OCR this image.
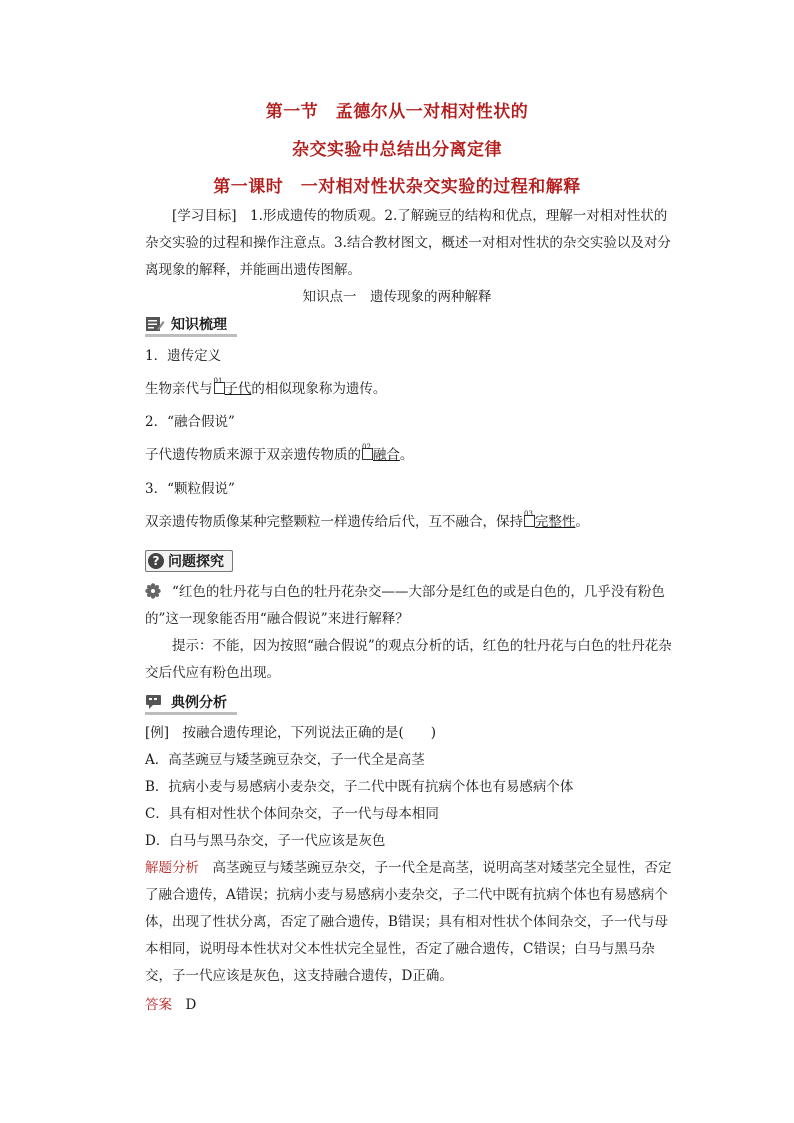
第一节　孟德尔从一对相对性状的
杂交实验中总结出分离定律
第一课时　一对相对性状杂交实验的过程和解释

[学习目标]　1.形成遗传的物质观。2.了解豌豆的结构和优点，理解一对相对性状的杂交实验的过程和操作注意点。3.结合教材图文，概述一对相对性状的杂交实验以及对分离现象的解释，并能画出遗传图解。

知识点一　遗传现象的两种解释
知识梳理
1．遗传定义
生物亲代与$^{01}$ 子代的相似现象称为遗传。
2．“融合假说”
子代遗传物质来源于双亲遗传物质的$^{02}$ 融合。
3．“颗粒假说”
双亲遗传物质像某种完整颗粒一样遗传给后代，互不融合，保持$^{03}$ 完整性。
? 问题探究

“红色的牡丹花与白色的牡丹花杂交——大部分是红色的或是白色的，几乎没有粉色的”这一现象能否用“融合假说”来进行解释？

提示：不能，因为按照“融合假说”的观点分析的话，红色的牡丹花与白色的牡丹花杂交后代应有粉色出现。

典例分析
[例]　按融合遗传理论，下列说法正确的是(　　)
A．高茎豌豆与矮茎豌豆杂交，子一代全是高茎
B．抗病小麦与易感病小麦杂交，子二代中既有抗病个体也有易感病个体
C．具有相对性状个体间杂交，子一代与母本相同
D．白马与黑马杂交，子一代应该是灰色

解题分析　高茎豌豆与矮茎豌豆杂交，子一代全是高茎，说明高茎对矮茎完全显性，否定了融合遗传，A错误；抗病小麦与易感病小麦杂交，子二代中既有抗病个体也有易感病个体，出现了性状分离，否定了融合遗传，B错误；具有相对性状个体间杂交，子一代与母本相同，说明母本性状对父本性状完全显性，否定了融合遗传，C错误；白马与黑马杂交，子一代应该是灰色，这支持融合遗传，D正确。

答案　 D
